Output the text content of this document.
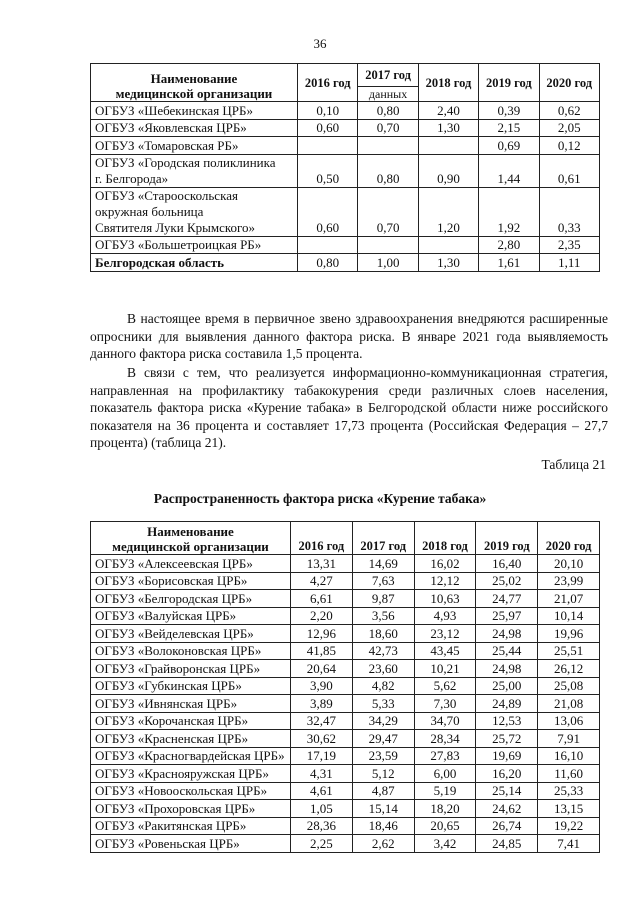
36
Наименование
медицинской организации	2016 год	2017 год	2018 год	2019 год	2020 год
		данных			

ОГБУЗ «Шебекинская ЦРБ»	0,10	0,80	2,40	0,39	0,62

ОГБУЗ «Яковлевская ЦРБ»	0,60	0,70	1,30	2,15	2,05

ОГБУЗ «Томаровская РБ»				0,69	0,12

ОГБУЗ «Городская поликлиника
г. Белгорода»	0,50	0,80	0,90	1,44	0,61

ОГБУЗ «Старооскольская
окружная больница
Святителя Луки Крымского»	0,60	0,70	1,20	1,92	0,33

ОГБУЗ «Большетроицкая РБ»				2,80	2,35
Белгородская область	0,80	1,00	1,30	1,61	1,11

В настоящее время в первичное звено здравоохранения внедряются расширенные опросники для выявления данного фактора риска. В январе 2021 года выявляемость данного фактора риска составила 1,5 процента.

В связи с тем, что реализуется информационно-коммуникационная стратегия, направленная на профилактику табакокурения среди различных слоев населения, показатель фактора риска «Курение табака» в Белгородской области ниже российского показателя на 36 процента и составляет 17,73 процента (Российская Федерация – 27,7 процента) (таблица 21).

Таблица 21
Распространенность фактора риска «Курение табака»
Наименование
медицинской организации	2016 год	2017 год	2018 год	2019 год	2020 год
ОГБУЗ «Алексеевская ЦРБ»	13,31	14,69	16,02	16,40	20,10
ОГБУЗ «Борисовская ЦРБ»	4,27	7,63	12,12	25,02	23,99
ОГБУЗ «Белгородская ЦРБ»	6,61	9,87	10,63	24,77	21,07
ОГБУЗ «Валуйская ЦРБ»	2,20	3,56	4,93	25,97	10,14
ОГБУЗ «Вейделевская ЦРБ»	12,96	18,60	23,12	24,98	19,96
ОГБУЗ «Волоконовская ЦРБ»	41,85	42,73	43,45	25,44	25,51
ОГБУЗ «Грайворонская ЦРБ»	20,64	23,60	10,21	24,98	26,12
ОГБУЗ «Губкинская ЦРБ»	3,90	4,82	5,62	25,00	25,08
ОГБУЗ «Ивнянская ЦРБ»	3,89	5,33	7,30	24,89	21,08
ОГБУЗ «Корочанская ЦРБ»	32,47	34,29	34,70	12,53	13,06
ОГБУЗ «Красненская ЦРБ»	30,62	29,47	28,34	25,72	7,91
ОГБУЗ «Красногвардейская ЦРБ»	17,19	23,59	27,83	19,69	16,10
ОГБУЗ «Краснояружская ЦРБ»	4,31	5,12	6,00	16,20	11,60
ОГБУЗ «Новооскольская ЦРБ»	4,61	4,87	5,19	25,14	25,33
ОГБУЗ «Прохоровская ЦРБ»	1,05	15,14	18,20	24,62	13,15
ОГБУЗ «Ракитянская ЦРБ»	28,36	18,46	20,65	26,74	19,22
ОГБУЗ «Ровеньская ЦРБ»	2,25	2,62	3,42	24,85	7,41
